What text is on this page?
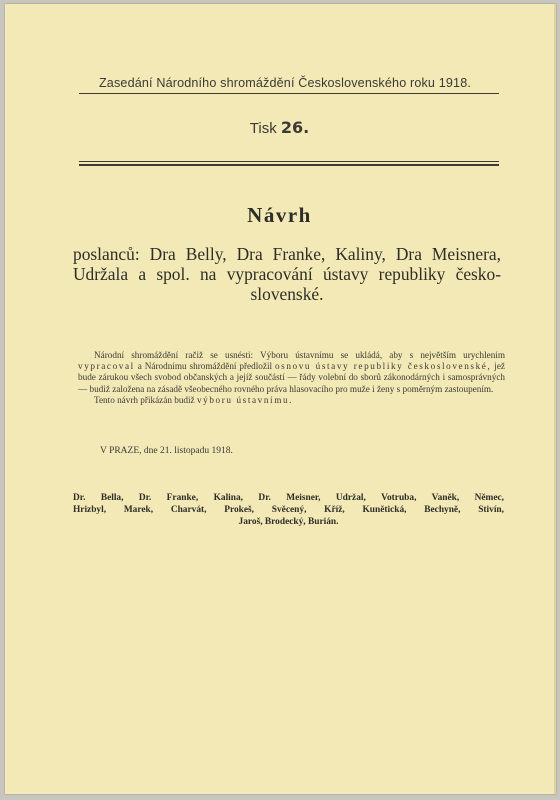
Zasedání Národního shromáždění Československého roku 1918.
Tisk 26.
Návrh
poslanců: Dra Belly, Dra Franke, Kaliny, Dra Meisnera,
Udržala a spol. na vypracování ústavy republiky česko-
slovenské.

Národní shromáždění račiž se usnésti: Výboru ústavnímu se ukládá, aby s největším urychlením vypracoval a Národnímu shromáždění předložil osnovu ústavy republiky československé, jež bude zárukou všech svobod občanských a jejíž součástí — řády volební do sborů zákonodárných i samosprávných — budiž založena na zásadě všeobecného rovného práva hlasovacího pro muže i ženy s poměrným zastoupením.

Tento návrh přikázán budiž výboru ústavnímu.

V PRAZE, dne 21. listopadu 1918.
Dr. Bella, Dr. Franke, Kalina, Dr. Meisner, Udržal, Votruba, Vaněk, Němec,
Hrizbyl, Marek, Charvát, Prokeš, Svěcený, Kříž, Kunětická, Bechyně, Stivín,
Jaroš, Brodecký, Burián.
